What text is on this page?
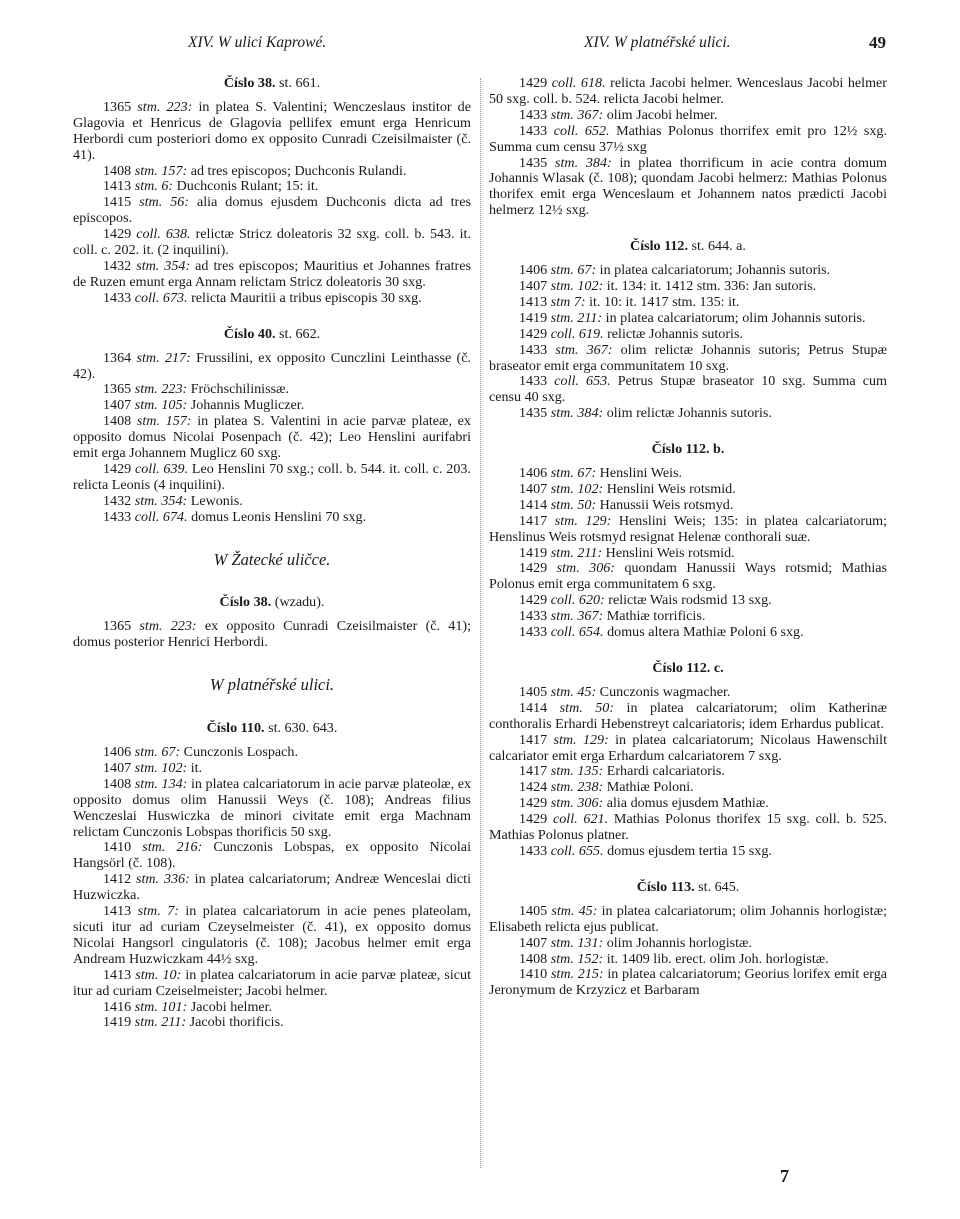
XIV. W ulici Kaprowé.	XIV. W platnéřské ulici.	49

Číslo 38. st. 661.

1365 stm. 223: in platea S. Valentini; Wenczeslaus institor de Glagovia et Henricus de Glagovia pellifex emunt erga Henricum Herbordi cum posteriori domo ex opposito Cunradi Czeisilmaister (č. 41).

1408 stm. 157: ad tres episcopos; Duchconis Rulandi.

1413 stm. 6: Duchconis Rulant; 15: it.

1415 stm. 56: alia domus ejusdem Duchconis dicta ad tres episcopos.

1429 coll. 638. relictæ Stricz doleatoris 32 sxg. coll. b. 543. it. coll. c. 202. it. (2 inquilini).

1432 stm. 354: ad tres episcopos; Mauritius et Johannes fratres de Ruzen emunt erga Annam relictam Stricz doleatoris 30 sxg.

1433 coll. 673. relicta Mauritii a tribus episcopis 30 sxg.

Číslo 40. st. 662.

1364 stm. 217: Frussilini, ex opposito Cunczlini Leinthasse (č. 42).

1365 stm. 223: Fröchschilinissæ.

1407 stm. 105: Johannis Mugliczer.

1408 stm. 157: in platea S. Valentini in acie parvæ plateæ, ex opposito domus Nicolai Posenpach (č. 42); Leo Henslini aurifabri emit erga Johannem Muglicz 60 sxg.

1429 coll. 639. Leo Henslini 70 sxg.; coll. b. 544. it. coll. c. 203. relicta Leonis (4 inquilini).

1432 stm. 354: Lewonis.

1433 coll. 674. domus Leonis Henslini 70 sxg.

W Žatecké uličce.

Číslo 38. (wzadu).

1365 stm. 223: ex opposito Cunradi Czeisilmaister (č. 41); domus posterior Henrici Herbordi.

W platnéřské ulici.

Číslo 110. st. 630. 643.

1406 stm. 67: Cunczonis Lospach.

1407 stm. 102: it.

1408 stm. 134: in platea calcariatorum in acie parvæ plateolæ, ex opposito domus olim Hanussii Weys (č. 108); Andreas filius Wenczeslai Huswiczka de minori civitate emit erga Machnam relictam Cunczonis Lobspas thorificis 50 sxg.

1410 stm. 216: Cunczonis Lobspas, ex opposito Nicolai Hangsörl (č. 108).

1412 stm. 336: in platea calcariatorum; Andreæ Wenceslai dicti Huzwiczka.

1413 stm. 7: in platea calcariatorum in acie penes plateolam, sicuti itur ad curiam Czeyselmeister (č. 41), ex opposito domus Nicolai Hangsorl cingulatoris (č. 108); Jacobus helmer emit erga Andream Huzwiczkam 44½ sxg.

1413 stm. 10: in platea calcariatorum in acie parvæ plateæ, sicut itur ad curiam Czeiselmeister; Jacobi helmer.

1416 stm. 101: Jacobi helmer.

1419 stm. 211: Jacobi thorificis.

1429 coll. 618. relicta Jacobi helmer. Wenceslaus Jacobi helmer 50 sxg. coll. b. 524. relicta Jacobi helmer.

1433 stm. 367: olim Jacobi helmer.

1433 coll. 652. Mathias Polonus thorrifex emit pro 12½ sxg. Summa cum censu 37½ sxg

1435 stm. 384: in platea thorrificum in acie contra domum Johannis Wlasak (č. 108); quondam Jacobi helmerz: Mathias Polonus thorifex emit erga Wenceslaum et Johannem natos prædicti Jacobi helmerz 12½ sxg.

Číslo 112. st. 644. a.

1406 stm. 67: in platea calcariatorum; Johannis sutoris.

1407 stm. 102: it. 134: it. 1412 stm. 336: Jan sutoris.

1413 stm 7: it. 10: it. 1417 stm. 135: it.

1419 stm. 211: in platea calcariatorum; olim Johannis sutoris.

1429 coll. 619. relictæ Johannis sutoris.

1433 stm. 367: olim relictæ Johannis sutoris; Petrus Stupæ braseator emit erga communitatem 10 sxg.

1433 coll. 653. Petrus Stupæ braseator 10 sxg. Summa cum censu 40 sxg.

1435 stm. 384: olim relictæ Johannis sutoris.

Číslo 112. b.

1406 stm. 67: Henslini Weis.

1407 stm. 102: Henslini Weis rotsmid.

1414 stm. 50: Hanussii Weis rotsmyd.

1417 stm. 129: Henslini Weis; 135: in platea calcariatorum; Henslinus Weis rotsmyd resignat Helenæ conthorali suæ.

1419 stm. 211: Henslini Weis rotsmid.

1429 stm. 306: quondam Hanussii Ways rotsmid; Mathias Polonus emit erga communitatem 6 sxg.

1429 coll. 620: relictæ Wais rodsmid 13 sxg.

1433 stm. 367: Mathiæ torrificis.

1433 coll. 654. domus altera Mathiæ Poloni 6 sxg.

Číslo 112. c.

1405 stm. 45: Cunczonis wagmacher.

1414 stm. 50: in platea calcariatorum; olim Katherinæ conthoralis Erhardi Hebenstreyt calcariatoris; idem Erhardus publicat.

1417 stm. 129: in platea calcariatorum; Nicolaus Hawenschilt calcariator emit erga Erhardum calcariatorem 7 sxg.

1417 stm. 135: Erhardi calcariatoris.

1424 stm. 238: Mathiæ Poloni.

1429 stm. 306: alia domus ejusdem Mathiæ.

1429 coll. 621. Mathias Polonus thorifex 15 sxg. coll. b. 525. Mathias Polonus platner.

1433 coll. 655. domus ejusdem tertia 15 sxg.

Číslo 113. st. 645.

1405 stm. 45: in platea calcariatorum; olim Johannis horlogistæ; Elisabeth relicta ejus publicat.

1407 stm. 131: olim Johannis horlogistæ.

1408 stm. 152: it. 1409 lib. erect. olim Joh. horlogistæ.

1410 stm. 215: in platea calcariatorum; Georius lorifex emit erga Jeronymum de Krzyzicz et Barbaram

7
